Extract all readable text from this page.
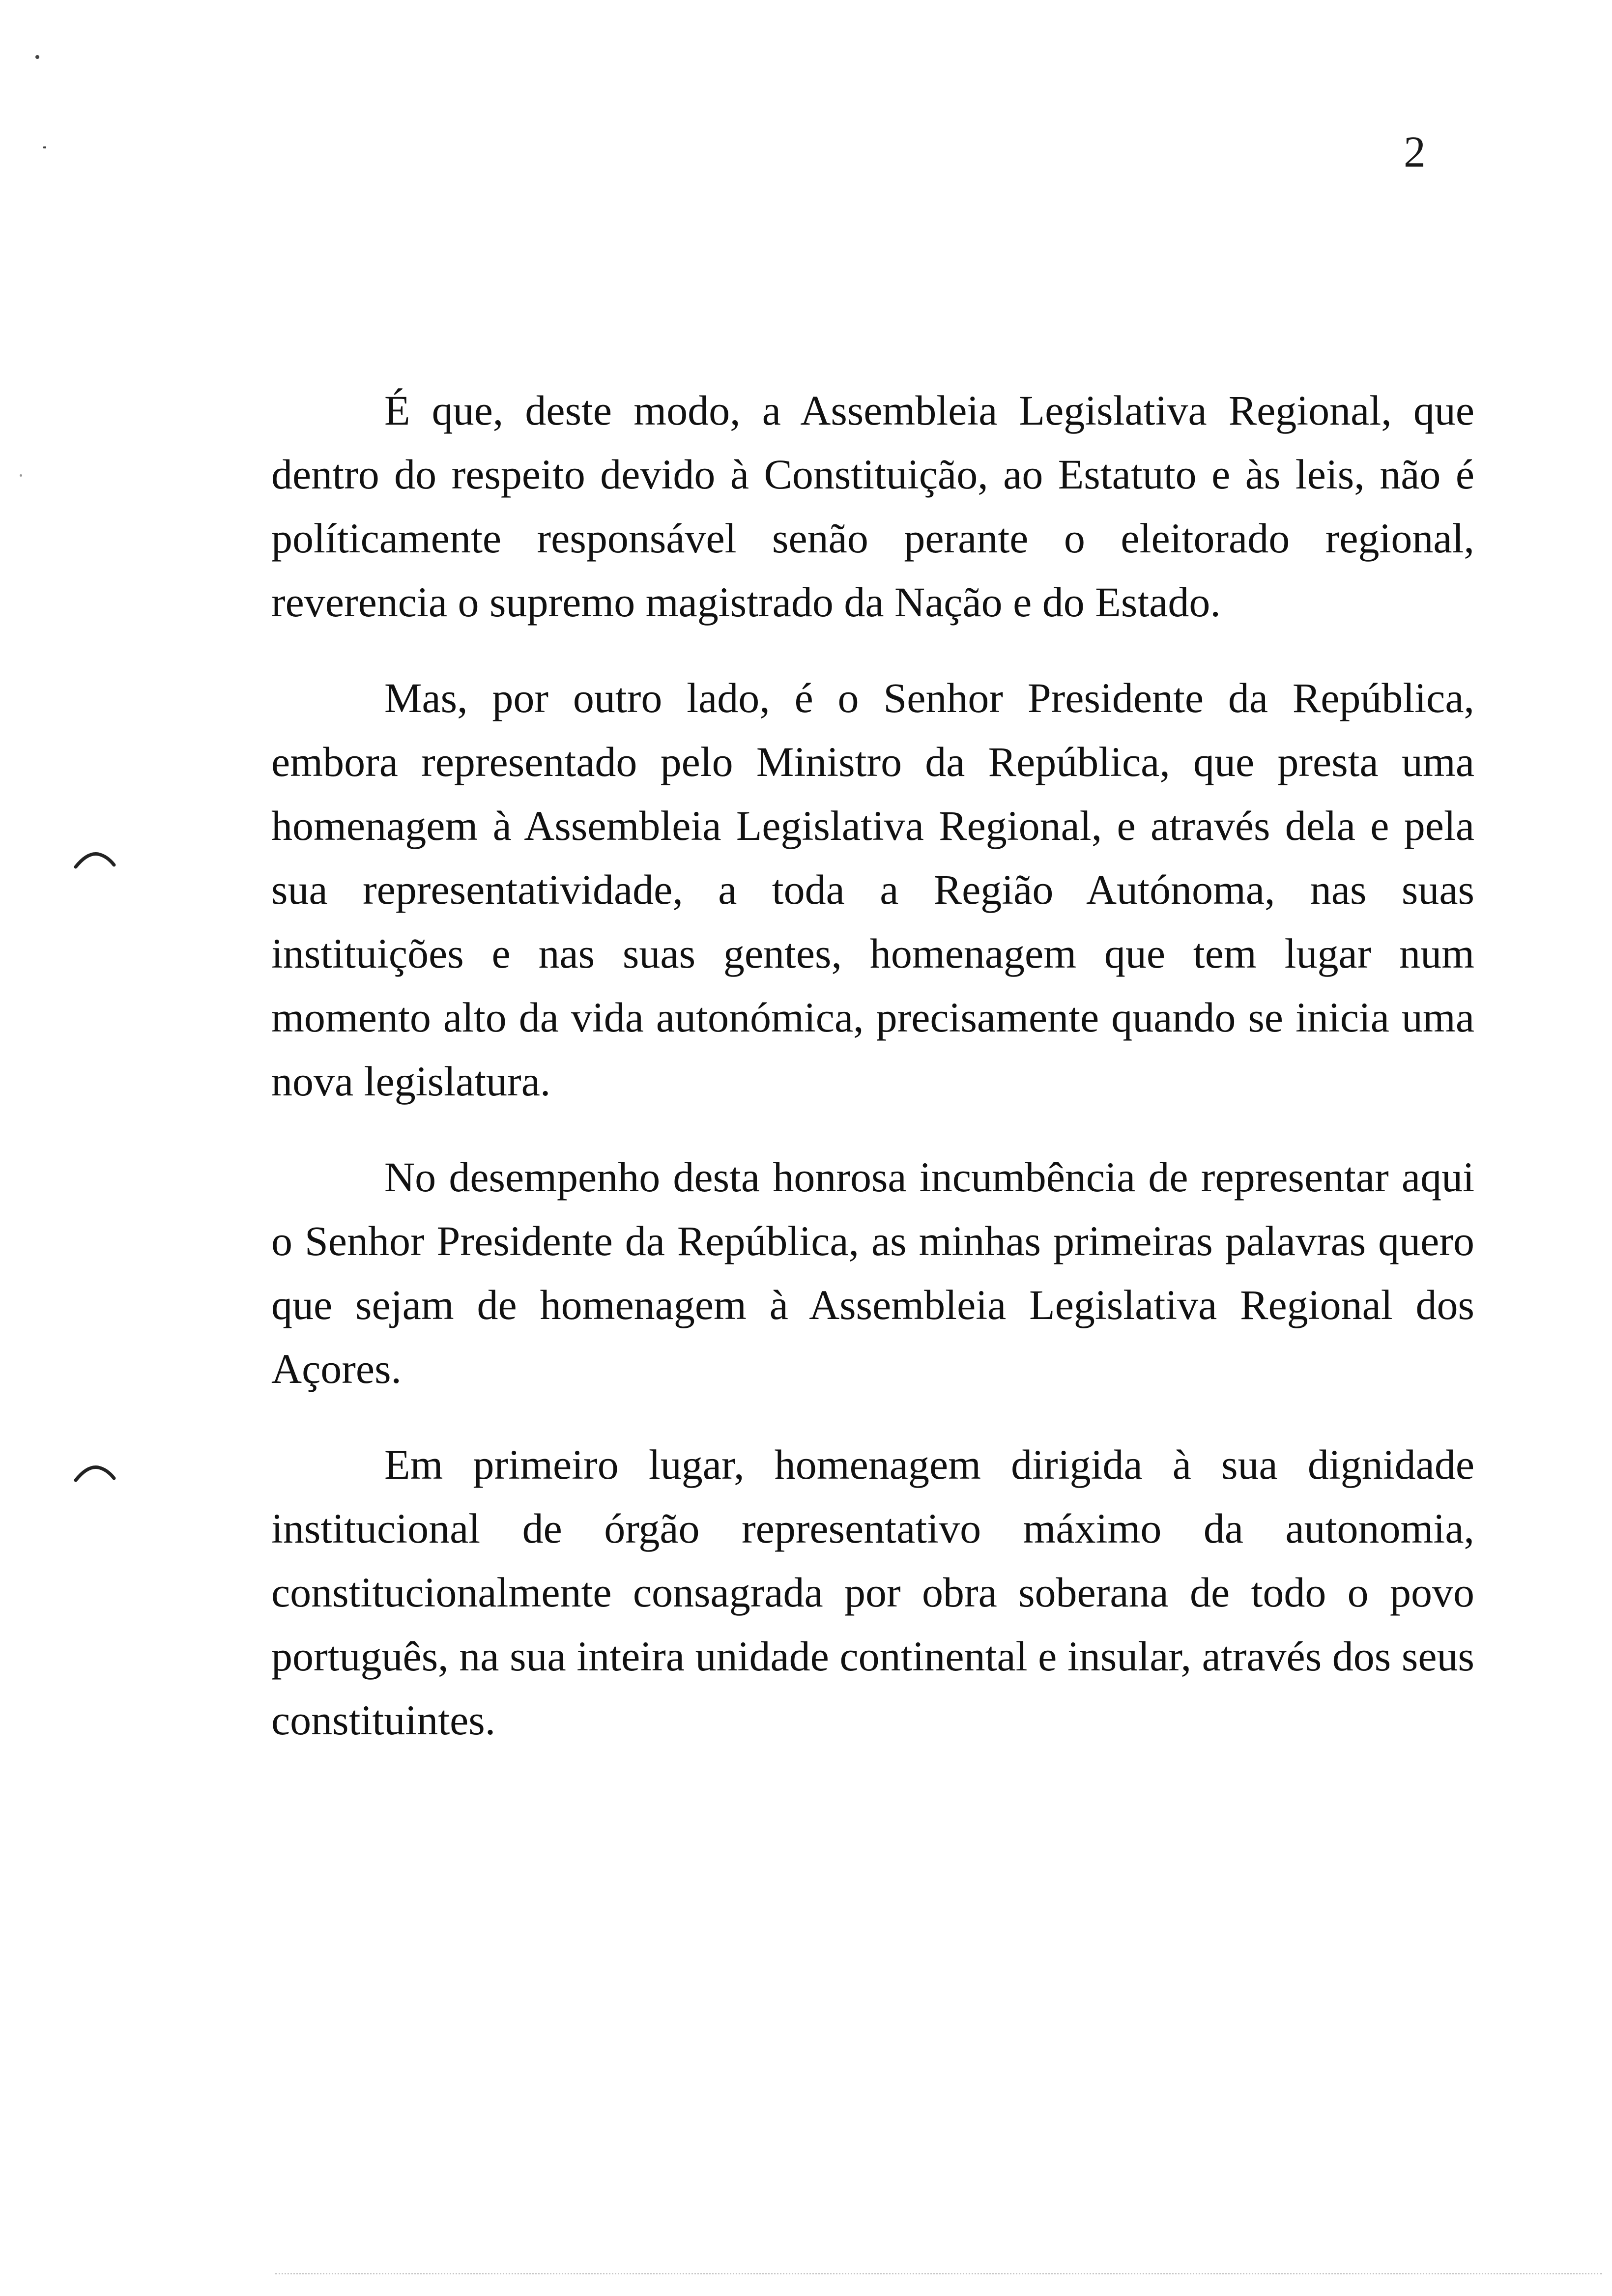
2

É que, deste modo, a Assembleia Legislativa Regional, que dentro do respeito devido à Constituição, ao Estatuto e às leis, não é políticamente responsável senão perante o eleitorado regional, reverencia o supremo magistrado da Nação e do Estado.

Mas, por outro lado, é o Senhor Presidente da República, embora representado pelo Ministro da República, que presta uma homenagem à Assembleia Legislativa Regional, e através dela e pela sua representatividade, a toda a Região Autónoma, nas suas instituições e nas suas gentes, homenagem que tem lugar num momento alto da vida autonómica, precisamente quando se inicia uma nova legislatura.

No desempenho desta honrosa incumbência de representar aqui o Senhor Presidente da República, as minhas primeiras palavras quero que sejam de homenagem à Assembleia Legislativa Regional dos Açores.

Em primeiro lugar, homenagem dirigida à sua dignidade institucional de órgão representativo máximo da autonomia, constitucionalmente consagrada por obra soberana de todo o povo português, na sua inteira unidade continental e insular, através dos seus constituintes.
